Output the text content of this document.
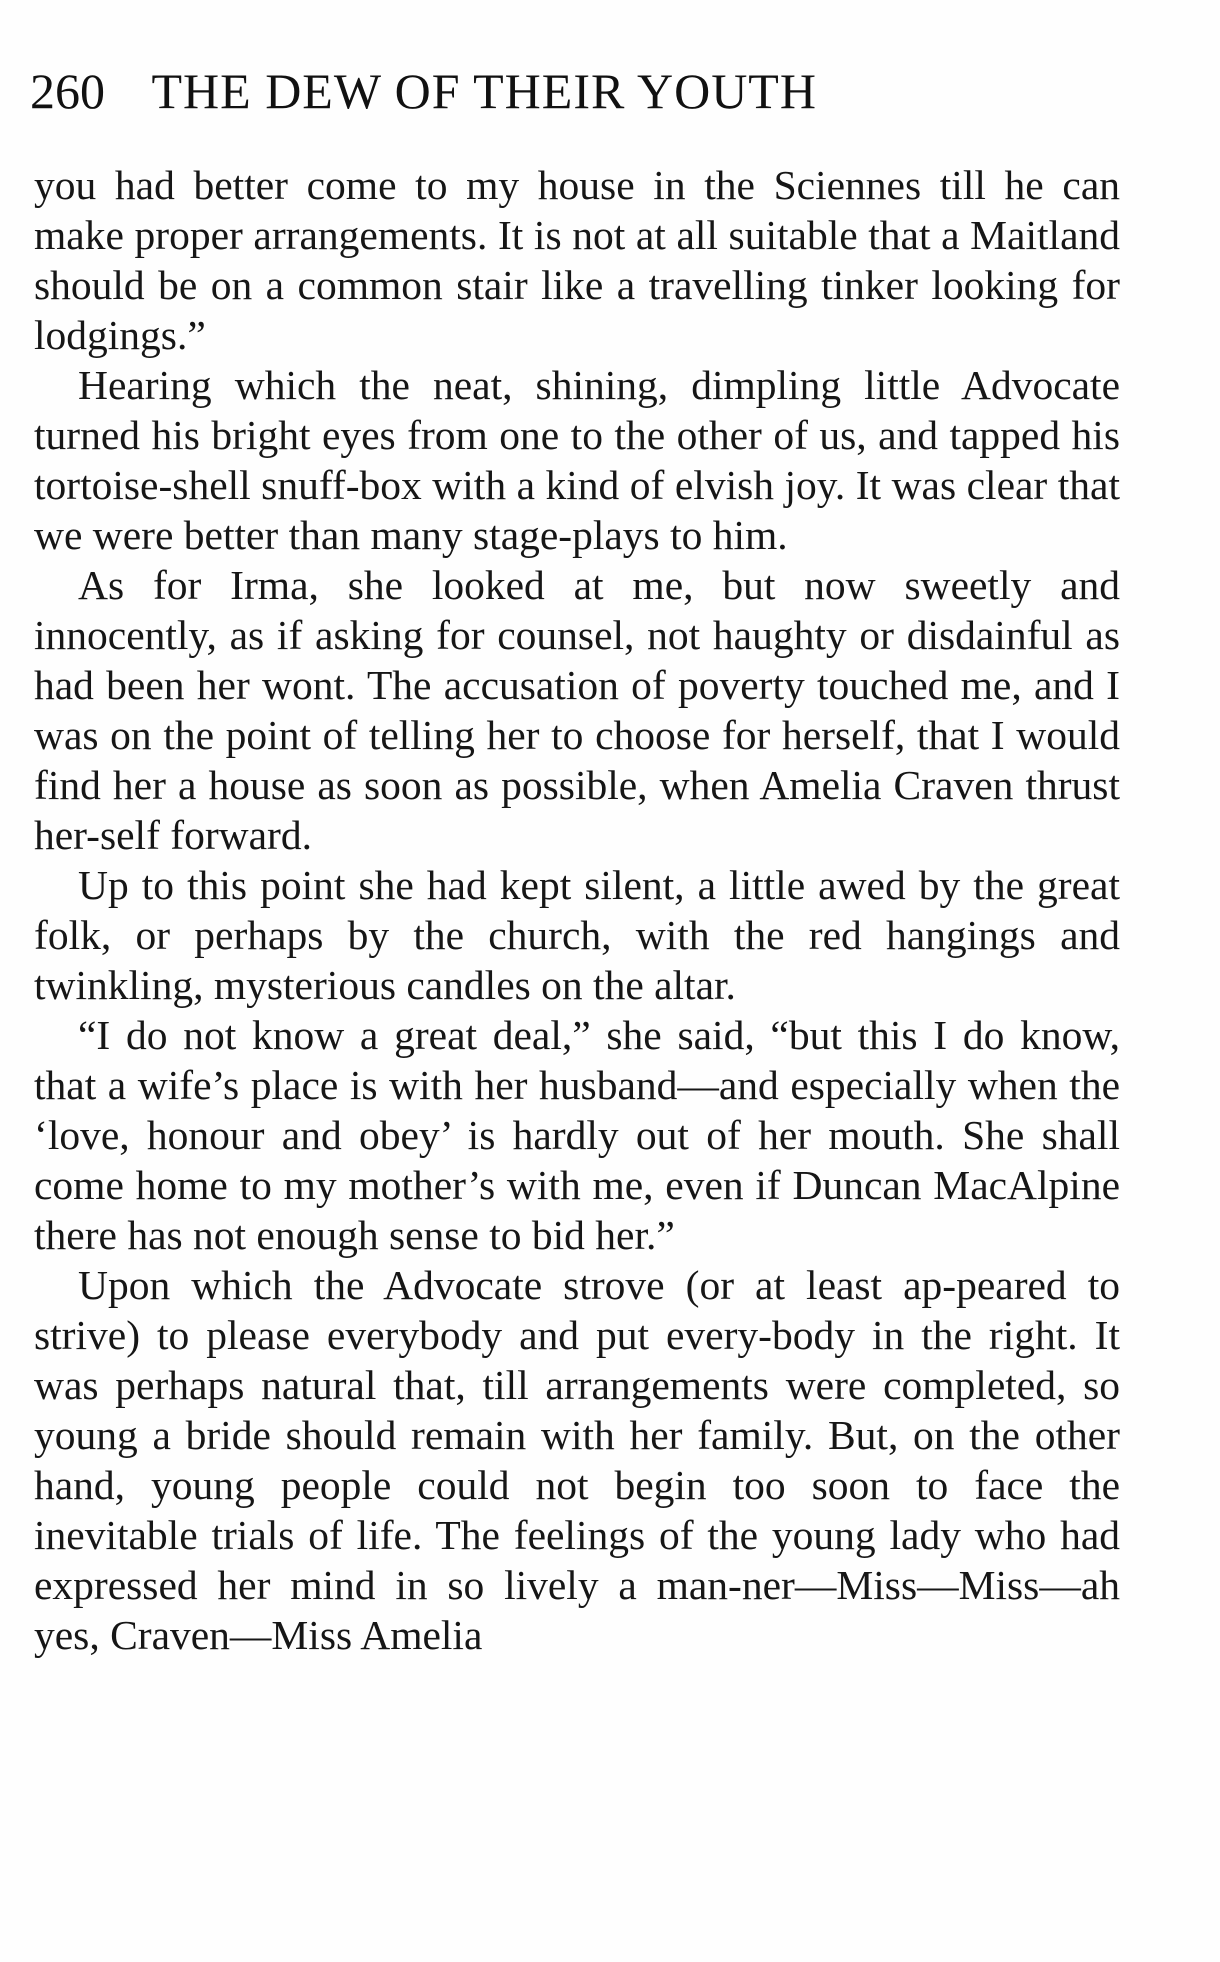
260 THE DEW OF THEIR YOUTH

you had better come to my house in the Sciennes till he can make proper arrangements. It is not at all suitable that a Maitland should be on a common stair like a travelling tinker looking for lodgings.”

Hearing which the neat, shining, dimpling little Advocate turned his bright eyes from one to the other of us, and tapped his tortoise-shell snuff-box with a kind of elvish joy. It was clear that we were better than many stage-plays to him.

As for Irma, she looked at me, but now sweetly and innocently, as if asking for counsel, not haughty or disdainful as had been her wont. The accusation of poverty touched me, and I was on the point of telling her to choose for herself, that I would find her a house as soon as possible, when Amelia Craven thrust her-self forward.

Up to this point she had kept silent, a little awed by the great folk, or perhaps by the church, with the red hangings and twinkling, mysterious candles on the altar.

“I do not know a great deal,” she said, “but this I do know, that a wife’s place is with her husband—and especially when the ‘love, honour and obey’ is hardly out of her mouth. She shall come home to my mother’s with me, even if Duncan MacAlpine there has not enough sense to bid her.”

Upon which the Advocate strove (or at least ap-peared to strive) to please everybody and put every-body in the right. It was perhaps natural that, till arrangements were completed, so young a bride should remain with her family. But, on the other hand, young people could not begin too soon to face the inevitable trials of life. The feelings of the young lady who had expressed her mind in so lively a man-ner—Miss—Miss—ah yes, Craven—Miss Amelia
